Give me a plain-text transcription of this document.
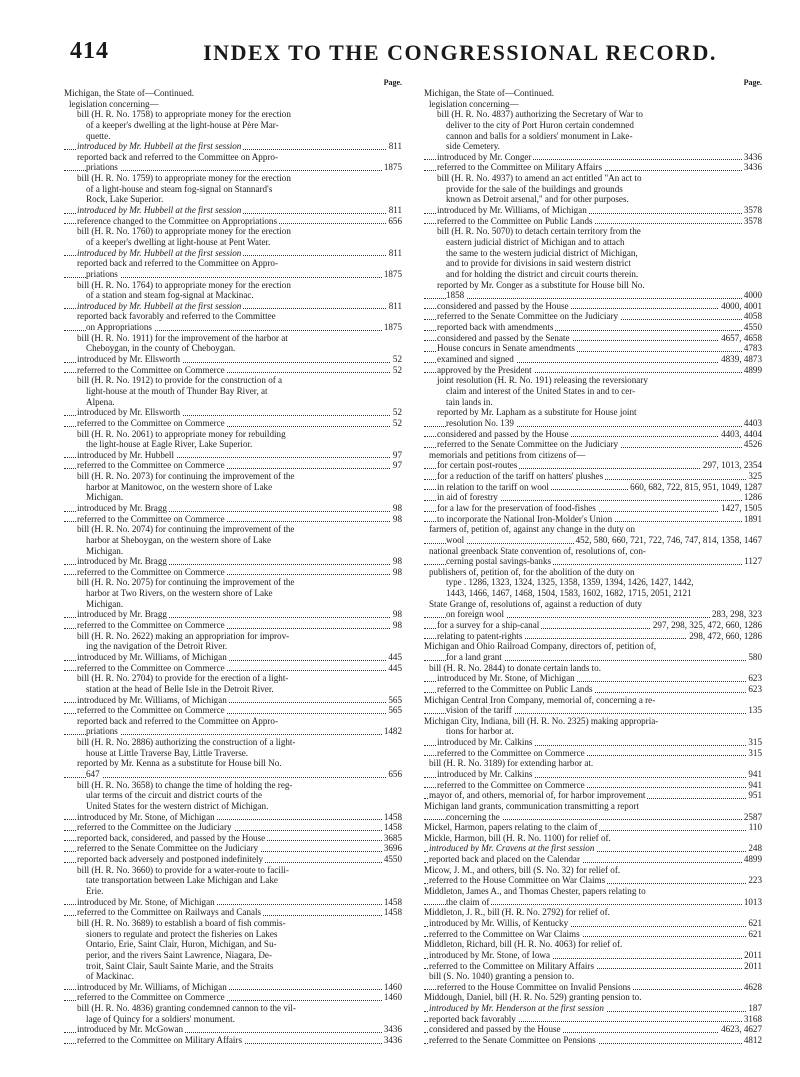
414	INDEX TO THE CONGRESSIONAL RECORD.
Page.
Michigan, the State of—Continued.
legislation concerning—
bill (H. R. No. 1758) to appropriate money for the erection
of a keeper's dwelling at the light-house at Père Mar-
quette.
introduced by Mr. Hubbell at the first session	811
reported back and referred to the Committee on Appro-
priations	1875
bill (H. R. No. 1759) to appropriate money for the erection
of a light-house and steam fog-signal on Stannard's
Rock, Lake Superior.
introduced by Mr. Hubbell at the first session	811
reference changed to the Committee on Appropriations	656
bill (H. R. No. 1760) to appropriate money for the erection
of a keeper's dwelling at light-house at Pent Water.
introduced by Mr. Hubbell at the first session	811
reported back and referred to the Committee on Appro-
priations	1875
bill (H. R. No. 1764) to appropriate money for the erection
of a station and steam fog-signal at Mackinac.
introduced by Mr. Hubbell at the first session	811
reported back favorably and referred to the Committee
on Appropriations	1875
bill (H. R. No. 1911) for the improvement of the harbor at
Cheboygan, in the county of Cheboygan.
introduced by Mr. Ellsworth	52
referred to the Committee on Commerce	52
bill (H. R. No. 1912) to provide for the construction of a
light-house at the mouth of Thunder Bay River, at
Alpena.
introduced by Mr. Ellsworth	52
referred to the Committee on Commerce	52
bill (H. R. No. 2061) to appropriate money for rebuilding
the light-house at Eagle River, Lake Superior.
introduced by Mr. Hubbell	97
referred to the Committee on Commerce	97
bill (H. R. No. 2073) for continuing the improvement of the
harbor at Manitowoc, on the western shore of Lake
Michigan.
introduced by Mr. Bragg	98
referred to the Committee on Commerce	98
bill (H. R. No. 2074) for continuing the improvement of the
harbor at Sheboygan, on the western shore of Lake
Michigan.
introduced by Mr. Bragg	98
referred to the Committee on Commerce	98
bill (H. R. No. 2075) for continuing the improvement of the
harbor at Two Rivers, on the western shore of Lake
Michigan.
introduced by Mr. Bragg	98
referred to the Committee on Commerce	98
bill (H. R. No. 2622) making an appropriation for improv-
ing the navigation of the Detroit River.
introduced by Mr. Williams, of Michigan	445
referred to the Committee on Commerce	445
bill (H. R. No. 2704) to provide for the erection of a light-
station at the head of Belle Isle in the Detroit River.
introduced by Mr. Williams, of Michigan	565
referred to the Committee on Commerce	565
reported back and referred to the Committee on Appro-
priations	1482
bill (H. R. No. 2886) authorizing the construction of a light-
house at Little Traverse Bay, Little Traverse.
reported by Mr. Kenna as a substitute for House bill No.
647	656
bill (H. R. No. 3658) to change the time of holding the reg-
ular terms of the circuit and district courts of the
United States for the western district of Michigan.
introduced by Mr. Stone, of Michigan	1458
referred to the Committee on the Judiciary	1458
reported back, considered, and passed by the House	3685
referred to the Senate Committee on the Judiciary	3696
reported back adversely and postponed indefinitely	4550
bill (H. R. No. 3660) to provide for a water-route to facili-
tate transportation between Lake Michigan and Lake
Erie.
introduced by Mr. Stone, of Michigan	1458
referred to the Committee on Railways and Canals	1458
bill (H. R. No. 3689) to establish a board of fish commis-
sioners to regulate and protect the fisheries on Lakes
Ontario, Erie, Saint Clair, Huron, Michigan, and Su-
perior, and the rivers Saint Lawrence, Niagara, De-
troit, Saint Clair, Sault Sainte Marie, and the Straits
of Mackinac.
introduced by Mr. Williams, of Michigan	1460
referred to the Committee on Commerce	1460
bill (H. R. No. 4836) granting condemned cannon to the vil-
lage of Quincy for a soldiers' monument.
introduced by Mr. McGowan	3436
referred to the Committee on Military Affairs	3436
Page.
Michigan, the State of—Continued.
legislation concerning—
bill (H. R. No. 4837) authorizing the Secretary of War to
deliver to the city of Port Huron certain condemned
cannon and balls for a soldiers' monument in Lake-
side Cemetery.
introduced by Mr. Conger	3436
referred to the Committee on Military Affairs	3436
bill (H. R. No. 4937) to amend an act entitled "An act to
provide for the sale of the buildings and grounds
known as Detroit arsenal," and for other purposes.
introduced by Mr. Williams, of Michigan	3578
referred to the Committee on Public Lands	3578
bill (H. R. No. 5070) to detach certain territory from the
eastern judicial district of Michigan and to attach
the same to the western judicial district of Michigan,
and to provide for divisions in said western district
and for holding the district and circuit courts therein.
reported by Mr. Conger as a substitute for House bill No.
1858	4000
considered and passed by the House	4000, 4001
referred to the Senate Committee on the Judiciary	4058
reported back with amendments	4550
considered and passed by the Senate	4657, 4658
House concurs in Senate amendments	4783
examined and signed	4839, 4873
approved by the President	4899
joint resolution (H. R. No. 191) releasing the reversionary
claim and interest of the United States in and to cer-
tain lands in.
reported by Mr. Lapham as a substitute for House joint
resolution No. 139	4403
considered and passed by the House	4403, 4404
referred to the Senate Committee on the Judiciary	4526
memorials and petitions from citizens of—
for certain post-routes	297, 1013, 2354
for a reduction of the tariff on hatters' plushes	325
in relation to the tariff on wool	660, 682, 722, 815, 951, 1049, 1287
in aid of forestry	1286
for a law for the preservation of food-fishes	1427, 1505
to incorporate the National Iron-Molder's Union	1891
farmers of, petition of, against any change in the duty on
wool	452, 580, 660, 721, 722, 746, 747, 814, 1358, 1467
national greenback State convention of, resolutions of, con-
cerning postal savings-banks	1127
publishers of, petition of, for the abolition of the duty on
type . 1286, 1323, 1324, 1325, 1358, 1359, 1394, 1426, 1427, 1442,
1443, 1466, 1467, 1468, 1504, 1583, 1602, 1682, 1715, 2051, 2121
State Grange of, resolutions of, against a reduction of duty
on foreign wool	283, 298, 323
for a survey for a ship-canal	297, 298, 325, 472, 660, 1286
relating to patent-rights	298, 472, 660, 1286
Michigan and Ohio Railroad Company, directors of, petition of,
for a land grant	580
bill (H. R. No. 2844) to donate certain lands to.
introduced by Mr. Stone, of Michigan	623
referred to the Committee on Public Lands	623
Michigan Central Iron Company, memorial of, concerning a re-
vision of the tariff	135
Michigan City, Indiana, bill (H. R. No. 2325) making appropria-
tions for harbor at.
introduced by Mr. Calkins	315
referred to the Committee on Commerce	315
bill (H. R. No. 3189) for extending harbor at.
introduced by Mr. Calkins	941
referred to the Committee on Commerce	941
mayor of, and others, memorial of, for harbor improvement	951
Michigan land grants, communication transmitting a report
concerning the	2587
Mickel, Harmon, papers relating to the claim of	110
Mickle, Harmon, bill (H. R. No. 1100) for relief of.
introduced by Mr. Cravens at the first session	248
reported back and placed on the Calendar	4899
Micow, J. M., and others, bill (S. No. 32) for relief of.
referred to the House Committee on War Claims	223
Middleton, James A., and Thomas Chester, papers relating to
the claim of	1013
Middleton, J. R., bill (H. R. No. 2792) for relief of.
introduced by Mr. Willis, of Kentucky	621
referred to the Committee on War Claims	621
Middleton, Richard, bill (H. R. No. 4063) for relief of.
introduced by Mr. Stone, of Iowa	2011
referred to the Committee on Military Affairs	2011
bill (S. No. 1040) granting a pension to.
referred to the House Committee on Invalid Pensions	4628
Middough, Daniel, bill (H. R. No. 529) granting pension to.
introduced by Mr. Henderson at the first session	187
reported back favorably	3168
considered and passed by the House	4623, 4627
referred to the Senate Committee on Pensions	4812
